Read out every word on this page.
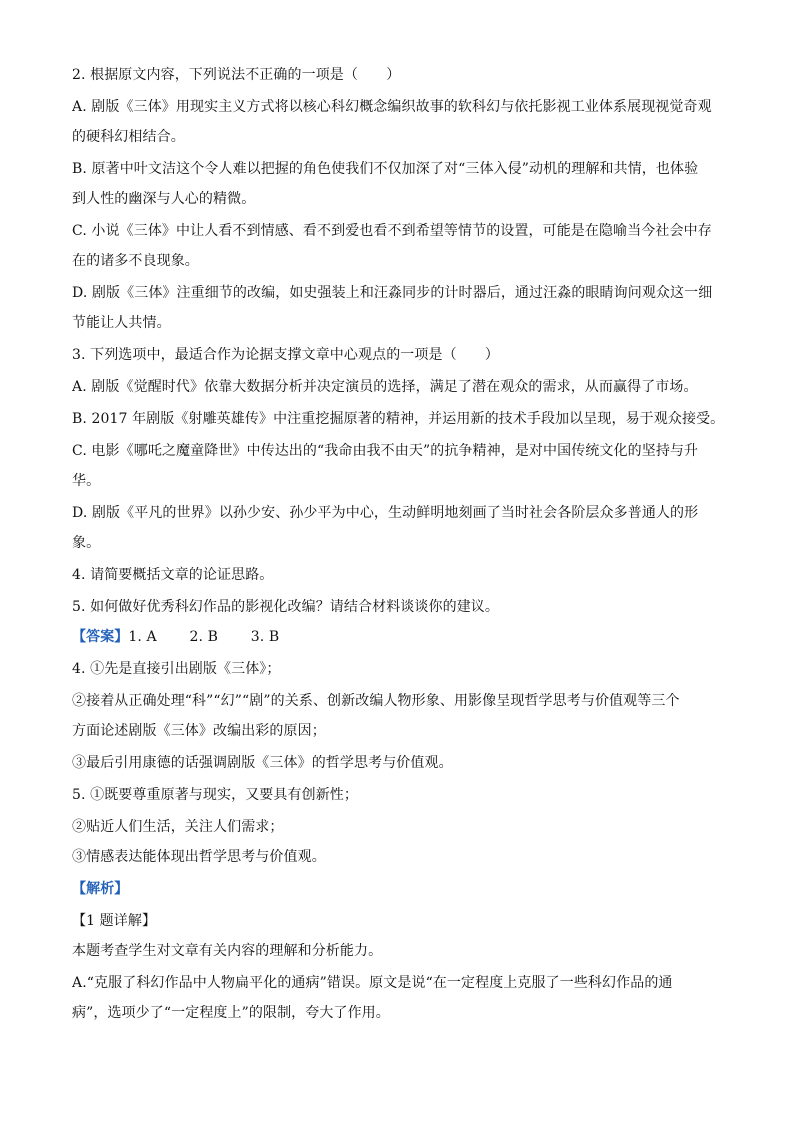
2. 根据原文内容，下列说法不正确的一项是（　　）
A. 剧版《三体》用现实主义方式将以核心科幻概念编织故事的软科幻与依托影视工业体系展现视觉奇观
的硬科幻相结合。
B. 原著中叶文洁这个令人难以把握的角色使我们不仅加深了对“三体入侵”动机的理解和共情，也体验
到人性的幽深与人心的精微。
C. 小说《三体》中让人看不到情感、看不到爱也看不到希望等情节的设置，可能是在隐喻当今社会中存
在的诸多不良现象。
D. 剧版《三体》注重细节的改编，如史强装上和汪淼同步的计时器后，通过汪淼的眼睛询问观众这一细
节能让人共情。
3. 下列选项中，最适合作为论据支撑文章中心观点的一项是（　　）
A. 剧版《觉醒时代》依靠大数据分析并决定演员的选择，满足了潜在观众的需求，从而赢得了市场。
B. 2017 年剧版《射雕英雄传》中注重挖掘原著的精神，并运用新的技术手段加以呈现，易于观众接受。
C. 电影《哪吒之魔童降世》中传达出的“我命由我不由天”的抗争精神，是对中国传统文化的坚持与升
华。
D. 剧版《平凡的世界》以孙少安、孙少平为中心，生动鲜明地刻画了当时社会各阶层众多普通人的形
象。
4. 请简要概括文章的论证思路。
5. 如何做好优秀科幻作品的影视化改编？请结合材料谈谈你的建议。
【答案】1. A　　 2. B　　 3. B
4. ①先是直接引出剧版《三体》；
②接着从正确处理“科”“幻”“剧”的关系、创新改编人物形象、用影像呈现哲学思考与价值观等三个
方面论述剧版《三体》改编出彩的原因；
③最后引用康德的话强调剧版《三体》的哲学思考与价值观。
5. ①既要尊重原著与现实，又要具有创新性；
②贴近人们生活，关注人们需求；
③情感表达能体现出哲学思考与价值观。
【解析】
【1 题详解】
本题考查学生对文章有关内容的理解和分析能力。
A.“克服了科幻作品中人物扁平化的通病”错误。原文是说“在一定程度上克服了一些科幻作品的通
病”，选项少了“一定程度上”的限制，夸大了作用。
